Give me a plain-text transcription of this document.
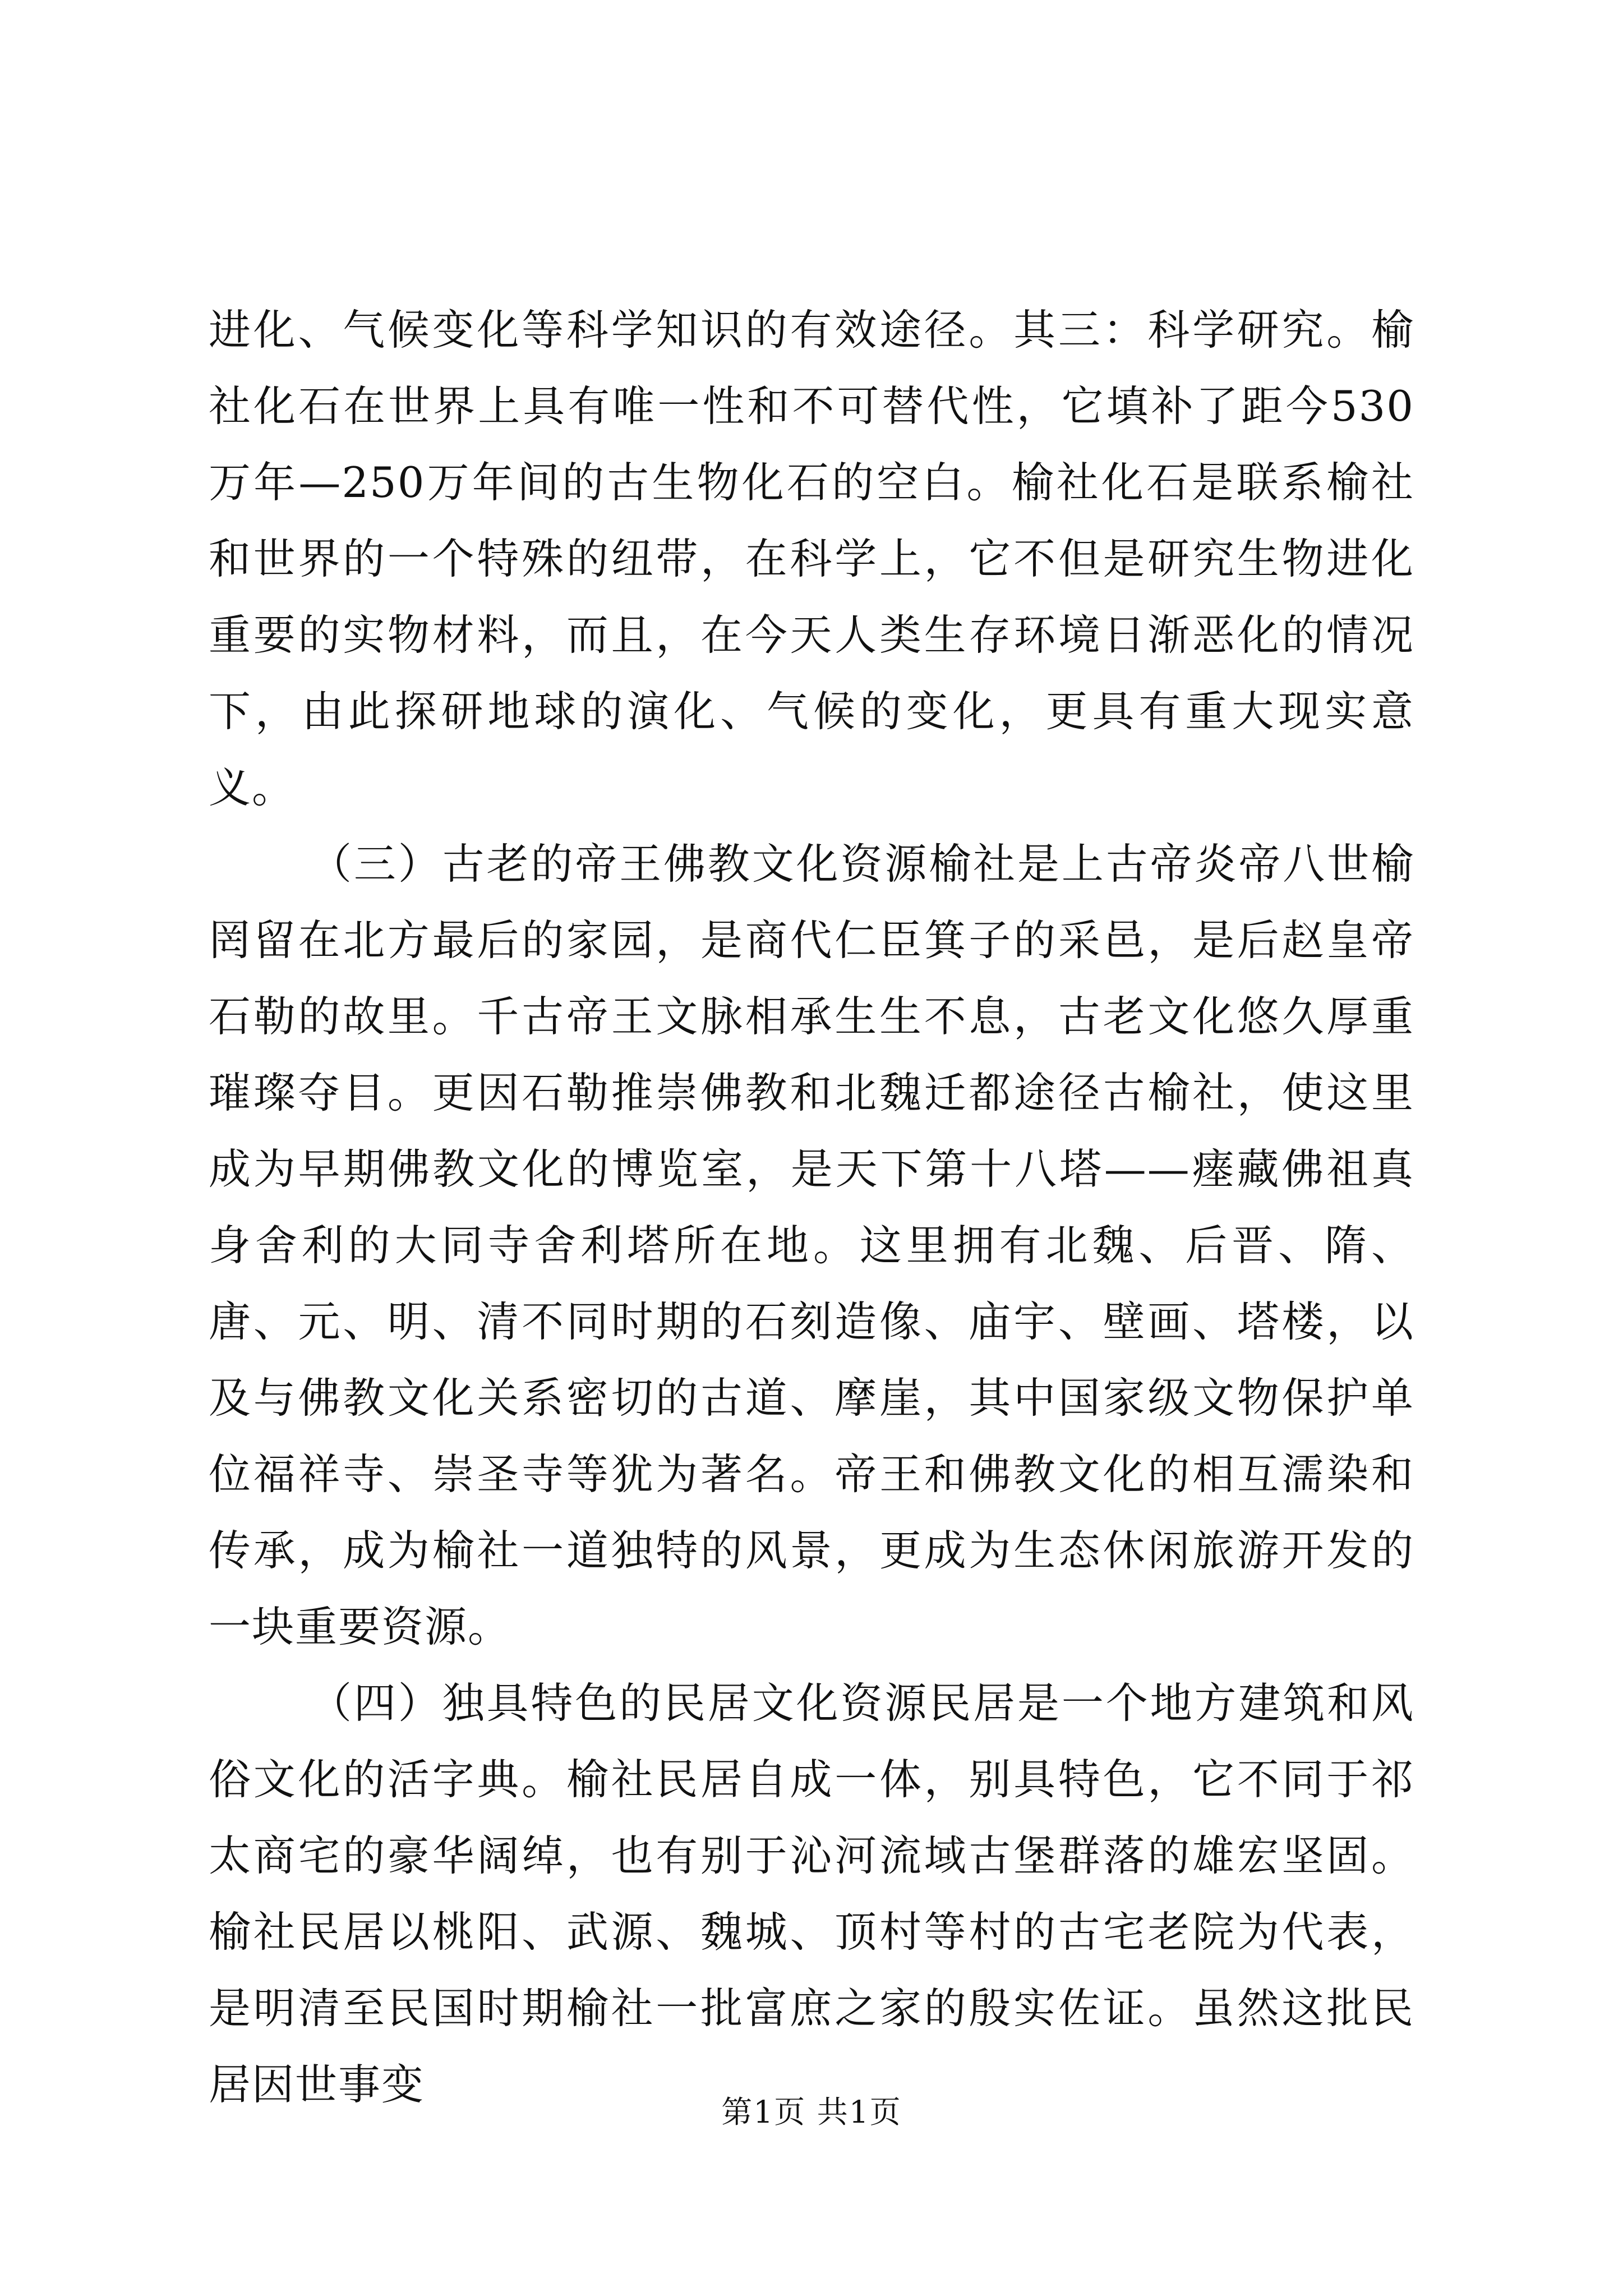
进化、气候变化等科学知识的有效途径。其三：科学研究。榆社化石在世界上具有唯一性和不可替代性，它填补了距今530万年—250万年间的古生物化石的空白。榆社化石是联系榆社和世界的一个特殊的纽带，在科学上，它不但是研究生物进化重要的实物材料，而且，在今天人类生存环境日渐恶化的情况下，由此探研地球的演化、气候的变化，更具有重大现实意义。

（三）古老的帝王佛教文化资源榆社是上古帝炎帝八世榆罔留在北方最后的家园，是商代仁臣箕子的采邑，是后赵皇帝石勒的故里。千古帝王文脉相承生生不息，古老文化悠久厚重璀璨夺目。更因石勒推崇佛教和北魏迁都途径古榆社，使这里成为早期佛教文化的博览室，是天下第十八塔——瘗藏佛祖真身舍利的大同寺舍利塔所在地。这里拥有北魏、后晋、隋、唐、元、明、清不同时期的石刻造像、庙宇、壁画、塔楼，以及与佛教文化关系密切的古道、摩崖，其中国家级文物保护单位福祥寺、崇圣寺等犹为著名。帝王和佛教文化的相互濡染和传承，成为榆社一道独特的风景，更成为生态休闲旅游开发的一块重要资源。

（四）独具特色的民居文化资源民居是一个地方建筑和风俗文化的活字典。榆社民居自成一体，别具特色，它不同于祁太商宅的豪华阔绰，也有别于沁河流域古堡群落的雄宏坚固。榆社民居以桃阳、武源、魏城、顶村等村的古宅老院为代表，是明清至民国时期榆社一批富庶之家的殷实佐证。虽然这批民居因世事变

第1页 共1页
